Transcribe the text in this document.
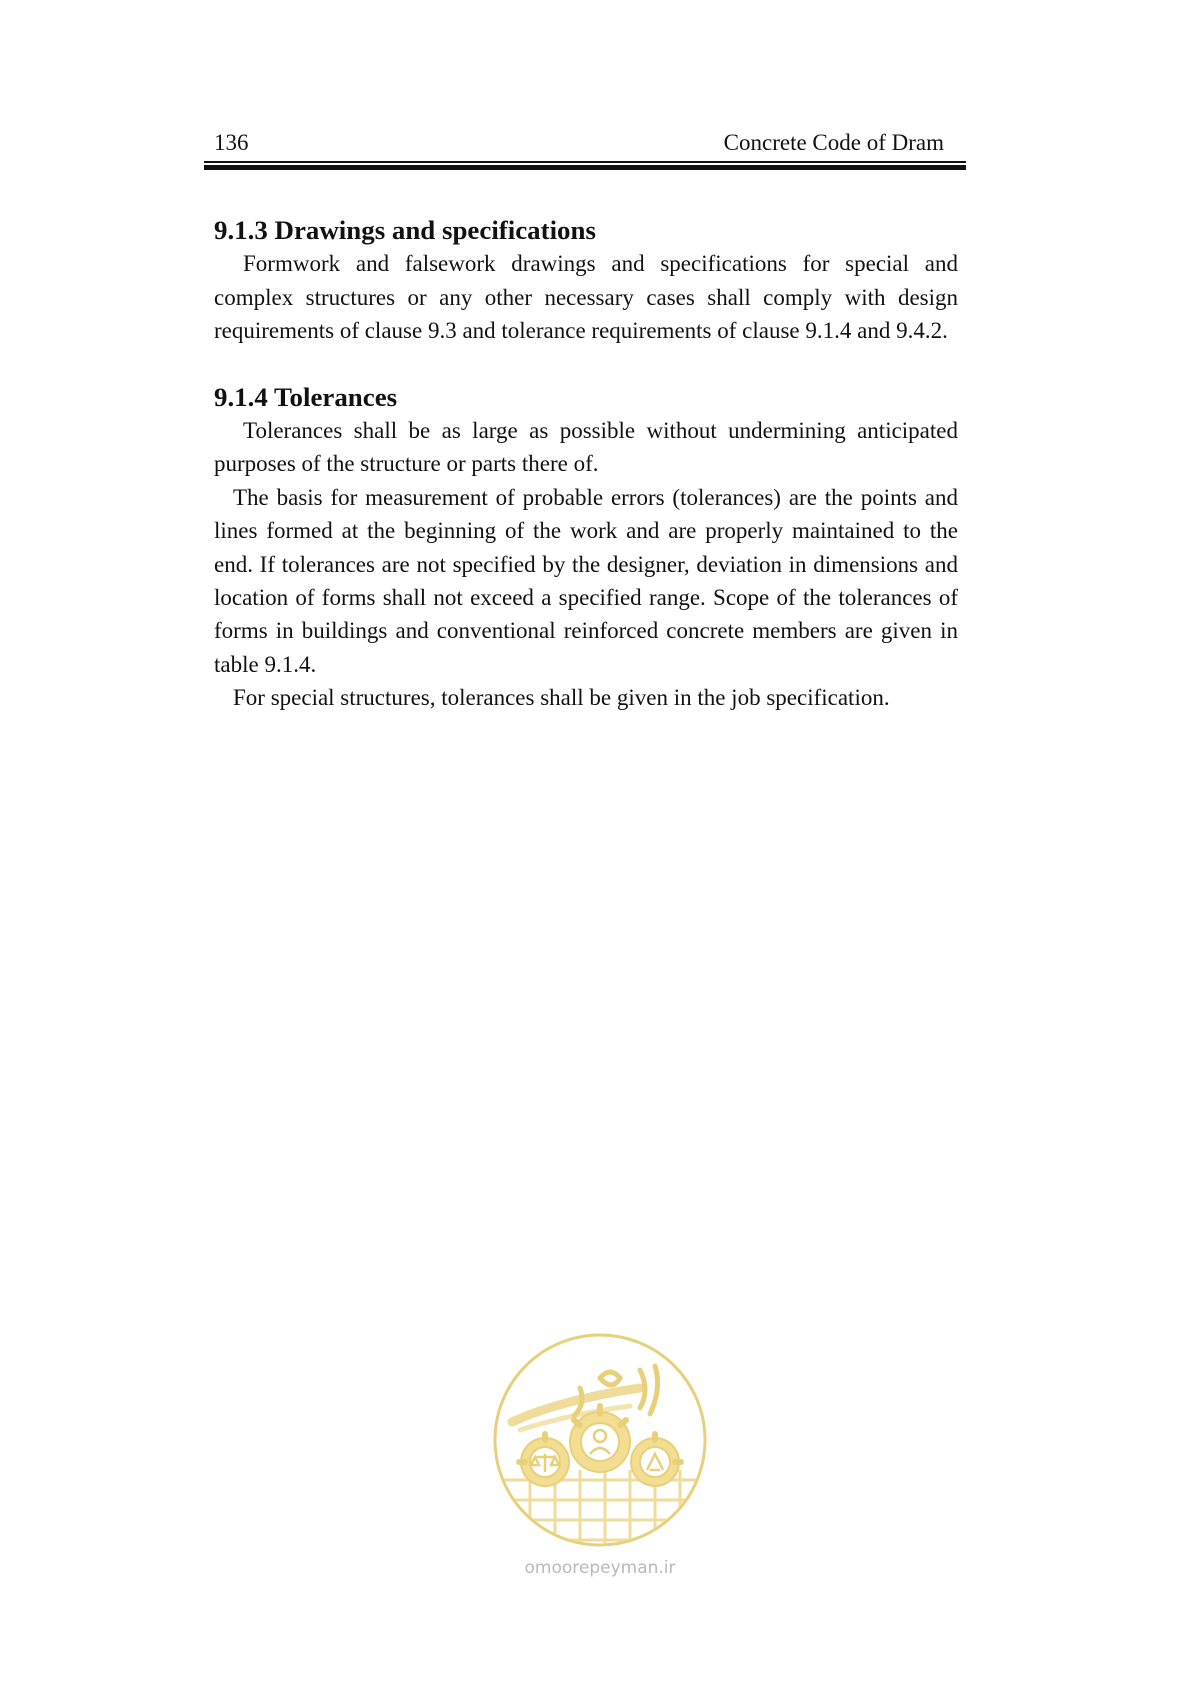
136	Concrete Code of Dram
9.1.3 Drawings and specifications

Formwork and falsework drawings and specifications for special and complex structures or any other necessary cases shall comply with design requirements of clause 9.3 and tolerance requirements of clause 9.1.4 and 9.4.2.

9.1.4 Tolerances

Tolerances shall be as large as possible without undermining anticipated purposes of the structure or parts there of.

The basis for measurement of probable errors (tolerances) are the points and lines formed at the beginning of the work and are properly maintained to the end. If tolerances are not specified by the designer, deviation in dimensions and location of forms shall not exceed a specified range. Scope of the tolerances of forms in buildings and conventional reinforced concrete members are given in table 9.1.4.

For special structures, tolerances shall be given in the job specification.

omoorepeyman.ir
